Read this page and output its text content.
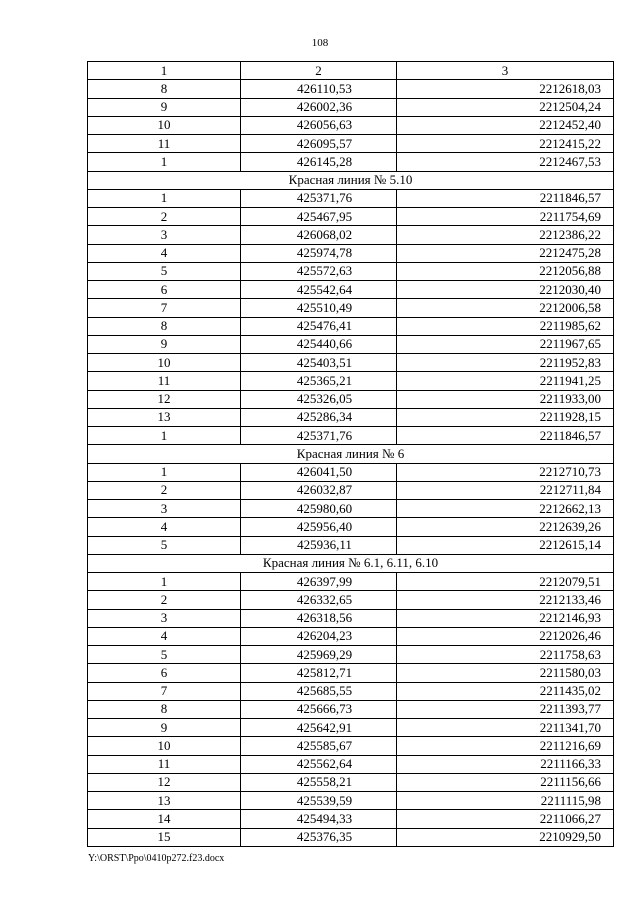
108
1	2	3
8	426110,53	2212618,03
9	426002,36	2212504,24
10	426056,63	2212452,40
11	426095,57	2212415,22
1	426145,28	2212467,53
Красная линия № 5.10		
1	425371,76	2211846,57
2	425467,95	2211754,69
3	426068,02	2212386,22
4	425974,78	2212475,28
5	425572,63	2212056,88
6	425542,64	2212030,40
7	425510,49	2212006,58
8	425476,41	2211985,62
9	425440,66	2211967,65
10	425403,51	2211952,83
11	425365,21	2211941,25
12	425326,05	2211933,00
13	425286,34	2211928,15
1	425371,76	2211846,57
Красная линия № 6		
1	426041,50	2212710,73
2	426032,87	2212711,84
3	425980,60	2212662,13
4	425956,40	2212639,26
5	425936,11	2212615,14
Красная линия № 6.1, 6.11, 6.10		
1	426397,99	2212079,51
2	426332,65	2212133,46
3	426318,56	2212146,93
4	426204,23	2212026,46
5	425969,29	2211758,63
6	425812,71	2211580,03
7	425685,55	2211435,02
8	425666,73	2211393,77
9	425642,91	2211341,70
10	425585,67	2211216,69
11	425562,64	2211166,33
12	425558,21	2211156,66
13	425539,59	2211115,98
14	425494,33	2211066,27
15	425376,35	2210929,50
Y:\ORST\Ppo\0410p272.f23.docx
